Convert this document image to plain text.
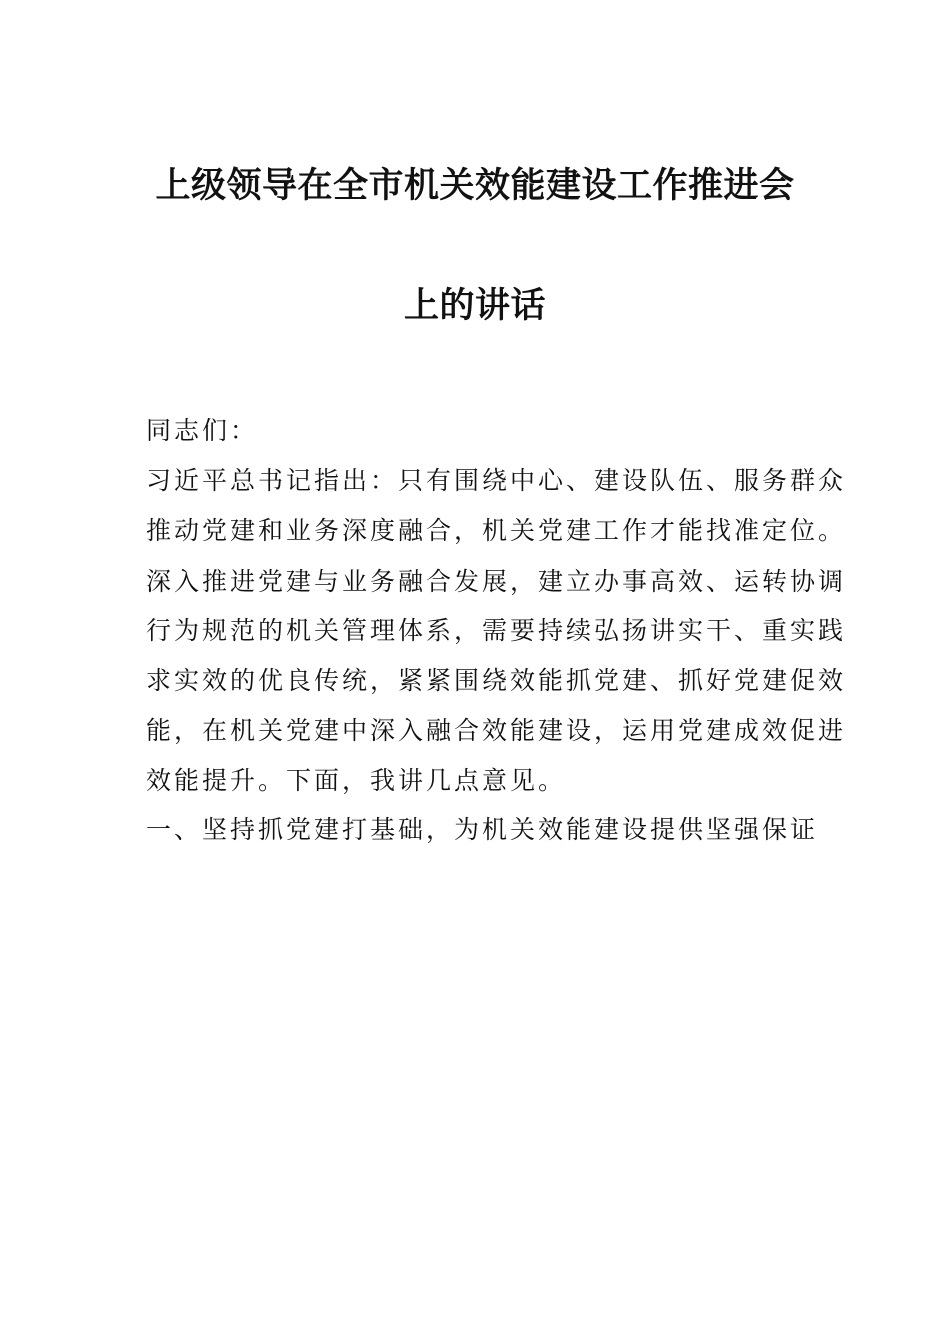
上级领导在全市机关效能建设工作推进会
上的讲话
同志们：
习近平总书记指出：只有围绕中心、建设队伍、服务群众
推动党建和业务深度融合，机关党建工作才能找准定位。
深入推进党建与业务融合发展，建立办事高效、运转协调
行为规范的机关管理体系，需要持续弘扬讲实干、重实践
求实效的优良传统，紧紧围绕效能抓党建、抓好党建促效
能，在机关党建中深入融合效能建设，运用党建成效促进
效能提升。下面，我讲几点意见。
一、坚持抓党建打基础，为机关效能建设提供坚强保证
